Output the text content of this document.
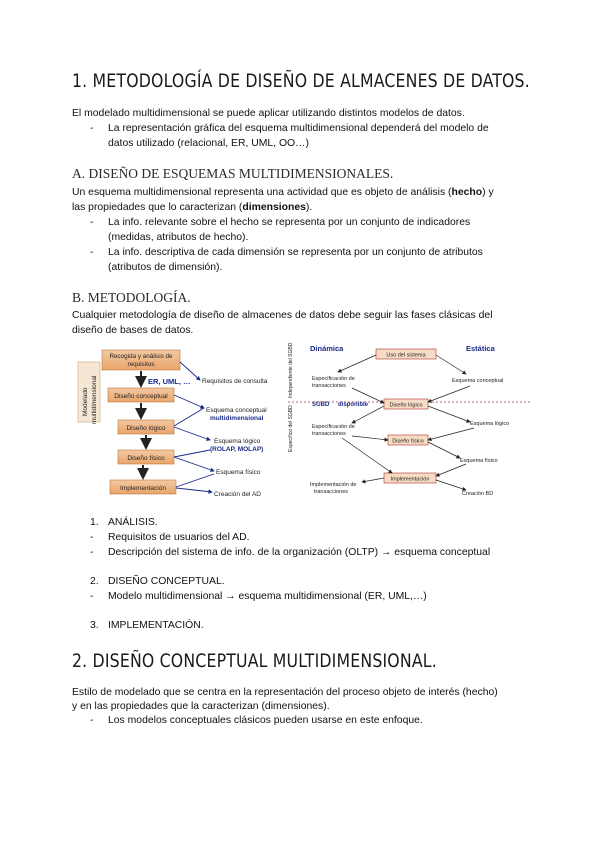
1. METODOLOGÍA DE DISEÑO DE ALMACENES DE DATOS.
El modelado multidimensional se puede aplicar utilizando distintos modelos de datos.
- La representación gráfica del esquema multidimensional dependerá del modelo de
datos utilizado (relacional, ER, UML, OO…)
A. DISEÑO DE ESQUEMAS MULTIDIMENSIONALES.
Un esquema multidimensional representa una actividad que es objeto de análisis (hecho) y
las propiedades que lo caracterizan (dimensiones).
- La info. relevante sobre el hecho se representa por un conjunto de indicadores
(medidas, atributos de hecho).
- La info. descriptiva de cada dimensión se representa por un conjunto de atributos
(atributos de dimensión).
B. METODOLOGÍA.
Cualquier metodología de diseño de almacenes de datos debe seguir las fases clásicas del
diseño de bases de datos.
Modelado multidimensional
Recogida y análisis de
requisitos
Diseño conceptual
Diseño lógico
Diseño físico
Implementación
ER, UML, … Requisitos de consulta
Esquema conceptual
multidimensional
Esquema lógico
(ROLAP, MOLAP)
Esquema físico
Creación del AD
Dinámica	Estática
Independiente del SGBD
Específico del SGBD
Uso del sistema
Especificación de
transacciones
Esquema conceptual
SGBD disponible	Diseño lógico
Especificación de
transacciones
Esquema lógico
Diseño físico
Esquema físico
Implementación
Implementación de
transacciones	Creación BD
1. ANÁLISIS.
- Requisitos de usuarios del AD.
- Descripción del sistema de info. de la organización (OLTP) → esquema conceptual
2. DISEÑO CONCEPTUAL.
- Modelo multidimensional → esquema multidimensional (ER, UML,…)
3. IMPLEMENTACIÓN.
2. DISEÑO CONCEPTUAL MULTIDIMENSIONAL.
Estilo de modelado que se centra en la representación del proceso objeto de interés (hecho)
y en las propiedades que la caracterizan (dimensiones).
- Los modelos conceptuales clásicos pueden usarse en este enfoque.
